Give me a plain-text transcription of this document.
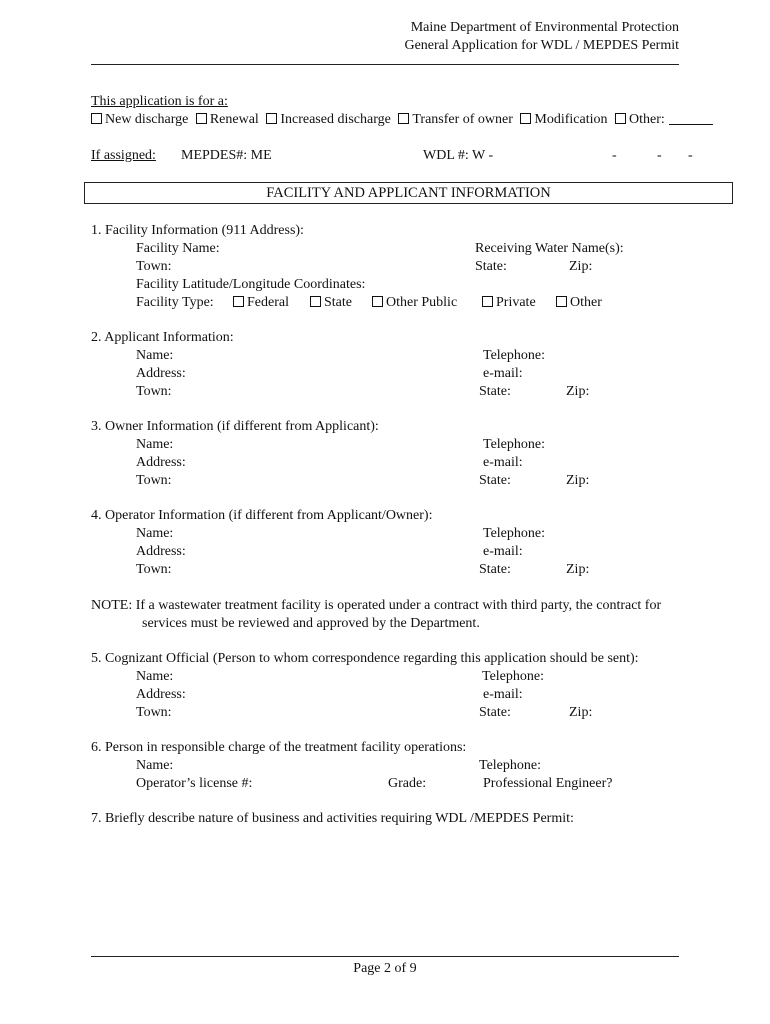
Maine Department of Environmental Protection
General Application for WDL / MEPDES Permit
This application is for a:
New discharge Renewal Increased discharge Transfer of owner Modification Other:
If assigned: MEPDES#: ME	WDL #: W -	-	- -
FACILITY AND APPLICANT INFORMATION
1. Facility Information (911 Address):
Facility Name:	Receiving Water Name(s):
Town:	State:	Zip:
Facility Latitude/Longitude Coordinates:
Facility Type:	Federal	State	Other Public	Private	Other
2. Applicant Information:
Name:	Telephone:
Address:	e-mail:
Town:	State:	Zip:
3. Owner Information (if different from Applicant):
Name:	Telephone:
Address:	e-mail:
Town:	State:	Zip:
4. Operator Information (if different from Applicant/Owner):
Name:	Telephone:
Address:	e-mail:
Town:	State:	Zip:
NOTE: If a wastewater treatment facility is operated under a contract with third party, the contract for
services must be reviewed and approved by the Department.
5. Cognizant Official (Person to whom correspondence regarding this application should be sent):
Name:	Telephone:
Address:	e-mail:
Town:	State:	Zip:
6. Person in responsible charge of the treatment facility operations:
Name:	Telephone:
Operator’s license #:	Grade:	Professional Engineer?
7. Briefly describe nature of business and activities requiring WDL /MEPDES Permit:
Page 2 of 9
